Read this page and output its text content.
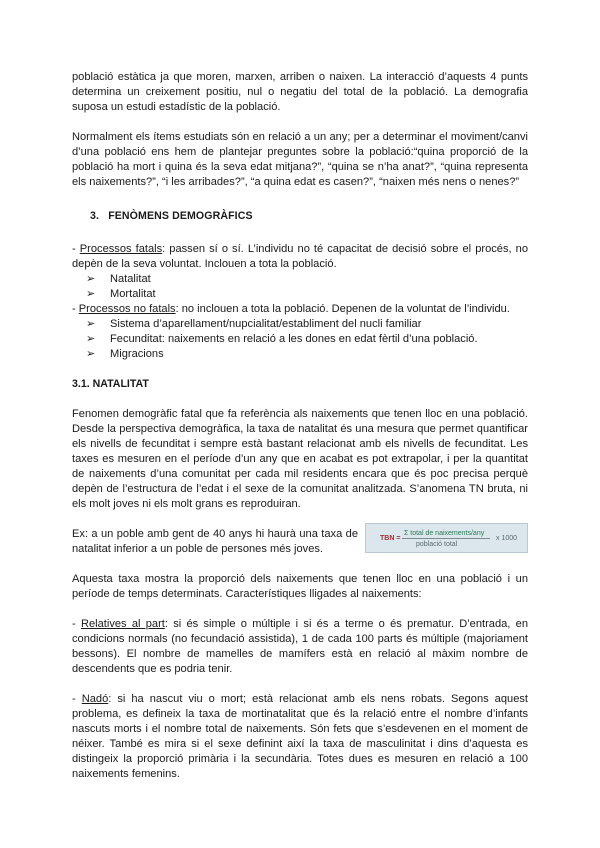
població estàtica ja que moren, marxen, arriben o naixen. La interacció d’aquests 4 punts determina un creixement positiu, nul o negatiu del total de la població. La demografia suposa un estudi estadístic de la població.

Normalment els ítems estudiats són en relació a un any; per a determinar el moviment/canvi d’una població ens hem de plantejar preguntes sobre la població:“quina proporció de la població ha mort i quina és la seva edat mitjana?”, “quina se n’ha anat?”, “quina representa els naixements?”, “i les arribades?”, “a quina edat es casen?”, “naixen més nens o nenes?”

3. FENÒMENS DEMOGRÀFICS

- Processos fatals: passen sí o sí. L’individu no té capacitat de decisió sobre el procés, no depèn de la seva voluntat. Inclouen a tota la població.

➢	Natalitat
➢	Mortalitat

- Processos no fatals: no inclouen a tota la població. Depenen de la voluntat de l’individu.

➢	Sistema d’aparellament/nupcialitat/establiment del nucli familiar
➢	Fecunditat: naixements en relació a les dones en edat fèrtil d’una població.
➢	Migracions
3.1. NATALITAT

Fenomen demogràfic fatal que fa referència als naixements que tenen lloc en una població. Desde la perspectiva demogràfica, la taxa de natalitat és una mesura que permet quantificar els nivells de fecunditat i sempre està bastant relacionat amb els nivells de fecunditat. Les taxes es mesuren en el període d’un any que en acabat es pot extrapolar, i per la quantitat de naixements d’una comunitat per cada mil residents encara que és poc precisa perquè depèn de l’estructura de l’edat i el sexe de la comunitat analitzada. S’anomena TN bruta, ni els molt joves ni els molt grans es reproduiran.

Ex: a un poble amb gent de 40 anys hi haurà una taxa de natalitat inferior a un poble de persones més joves.

TBN =
Σ total de naixements/any
població total
x 1000

Aquesta taxa mostra la proporció dels naixements que tenen lloc en una població i un període de temps determinats. Característiques lligades al naixements:

- Relatives al part: si és simple o múltiple i si és a terme o és prematur. D’entrada, en condicions normals (no fecundació assistida), 1 de cada 100 parts és múltiple (majoriament bessons). El nombre de mamelles de mamífers està en relació al màxim nombre de descendents que es podria tenir.

- Nadó: si ha nascut viu o mort; està relacionat amb els nens robats. Segons aquest problema, es defineix la taxa de mortinatalitat que és la relació entre el nombre d’infants nascuts morts i el nombre total de naixements. Són fets que s’esdevenen en el moment de néixer. També es mira si el sexe definint així la taxa de masculinitat i dins d’aquesta es distingeix la proporció primària i la secundària. Totes dues es mesuren en relació a 100 naixements femenins.
